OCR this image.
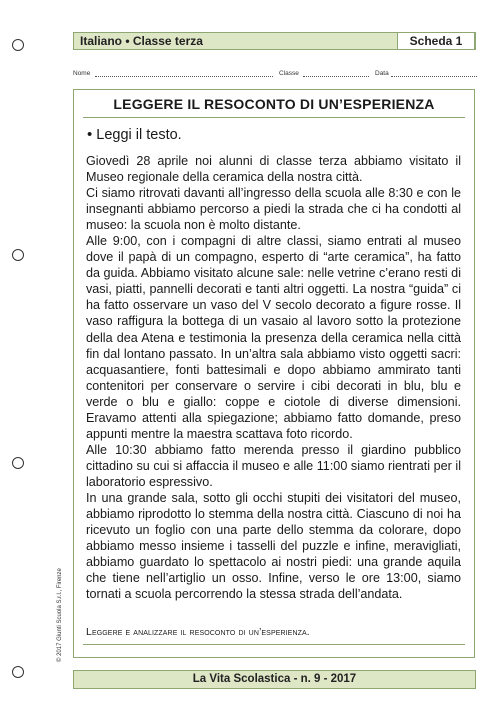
Italiano • Classe terza	Scheda 1
Nome	Classe	Data
LEGGERE IL RESOCONTO DI UN’ESPERIENZA
• Leggi il testo.

Giovedì 28 aprile noi alunni di classe terza abbiamo visitato il Museo regionale della ceramica della nostra città.

Ci siamo ritrovati davanti all’ingresso della scuola alle 8:30 e con le insegnanti abbiamo percorso a piedi la strada che ci ha condotti al museo: la scuola non è molto distante.

Alle 9:00, con i compagni di altre classi, siamo entrati al museo dove il papà di un compagno, esperto di “arte ceramica”, ha fatto da guida. Abbiamo visitato alcune sale: nelle vetrine c’erano resti di vasi, piatti, pannelli decorati e tanti altri oggetti. La nostra “guida” ci ha fatto osservare un vaso del V secolo decorato a figure rosse. Il vaso raffigura la bottega di un vasaio al lavoro sotto la protezione della dea Atena e testimonia la presenza della ceramica nella città fin dal lontano passato. In un’altra sala abbiamo visto oggetti sacri: acquasantiere, fonti battesimali e dopo abbiamo ammirato tanti contenitori per conservare o servire i cibi decorati in blu, blu e verde o blu e giallo: coppe e ciotole di diverse dimensioni. Eravamo attenti alla spiegazione; abbiamo fatto domande, preso appunti mentre la maestra scattava foto ricordo.

Alle 10:30 abbiamo fatto merenda presso il giardino pubblico cittadino su cui si affaccia il museo e alle 11:00 siamo rientrati per il laboratorio espressivo.

In una grande sala, sotto gli occhi stupiti dei visitatori del museo, abbiamo riprodotto lo stemma della nostra città. Ciascuno di noi ha ricevuto un foglio con una parte dello stemma da colorare, dopo abbiamo messo insieme i tasselli del puzzle e infine, meravigliati, abbiamo guardato lo spettacolo ai nostri piedi: una grande aquila che tiene nell’artiglio un osso. Infine, verso le ore 13:00, siamo tornati a scuola percorrendo la stessa strada dell’andata.

Leggere e analizzare il resoconto di un’esperienza.
© 2017 Giunti Scuola S.r.l., Firenze
La Vita Scolastica - n. 9 - 2017
